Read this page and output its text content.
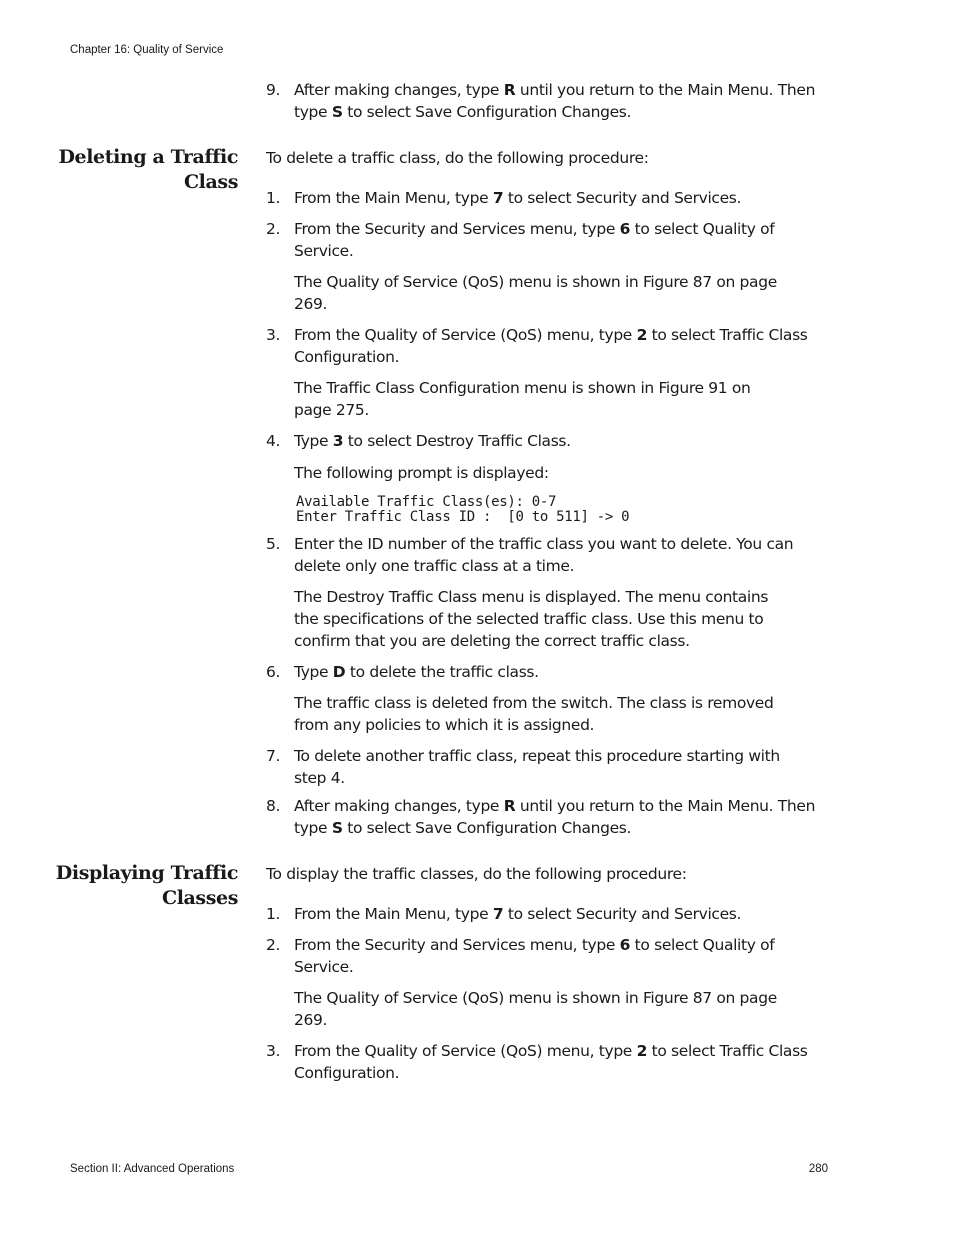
Chapter 16: Quality of Service
9. After making changes, type R until you return to the Main Menu. Then
type S to select Save Configuration Changes.
Deleting a Traffic
Class
To delete a traffic class, do the following procedure:
1. From the Main Menu, type 7 to select Security and Services.
2. From the Security and Services menu, type 6 to select Quality of
Service.
The Quality of Service (QoS) menu is shown in Figure 87 on page
269.
3. From the Quality of Service (QoS) menu, type 2 to select Traffic Class
Configuration.
The Traffic Class Configuration menu is shown in Figure 91 on
page 275.
4. Type 3 to select Destroy Traffic Class.
The following prompt is displayed:
Available Traffic Class(es): 0-7
Enter Traffic Class ID :  [0 to 511] -> 0
5. Enter the ID number of the traffic class you want to delete. You can
delete only one traffic class at a time.
The Destroy Traffic Class menu is displayed. The menu contains
the specifications of the selected traffic class. Use this menu to
confirm that you are deleting the correct traffic class.
6. Type D to delete the traffic class.
The traffic class is deleted from the switch. The class is removed
from any policies to which it is assigned.
7. To delete another traffic class, repeat this procedure starting with
step 4.
8. After making changes, type R until you return to the Main Menu. Then
type S to select Save Configuration Changes.
Displaying Traffic
Classes
To display the traffic classes, do the following procedure:
1. From the Main Menu, type 7 to select Security and Services.
2. From the Security and Services menu, type 6 to select Quality of
Service.
The Quality of Service (QoS) menu is shown in Figure 87 on page
269.
3. From the Quality of Service (QoS) menu, type 2 to select Traffic Class
Configuration.
Section II: Advanced Operations	280
